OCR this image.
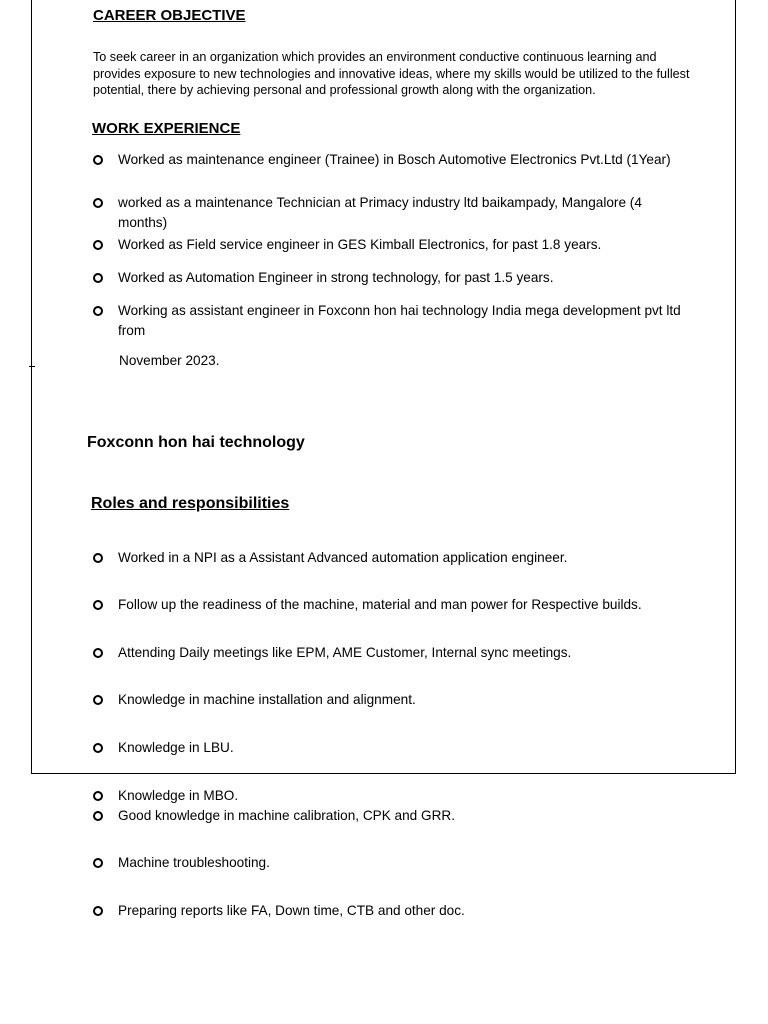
CAREER OBJECTIVE
To seek career in an organization which provides an environment conductive continuous learning and provides exposure to new technologies and innovative ideas, where my skills would be utilized to the fullest potential, there by achieving personal and professional growth along with the organization.
WORK EXPERIENCE
Worked as maintenance engineer (Trainee) in Bosch Automotive Electronics Pvt.Ltd (1Year)
worked as a maintenance Technician at Primacy industry ltd baikampady, Mangalore (4 months)
Worked as Field service engineer in GES Kimball Electronics, for past 1.8 years.
Worked as Automation Engineer in strong technology, for past 1.5 years.
Working as assistant engineer in Foxconn hon hai technology India mega development pvt ltd from
November 2023.
Foxconn hon hai technology
Roles and responsibilities
Worked in a NPI as a Assistant Advanced automation application engineer.
Follow up the readiness of the machine, material and man power for Respective builds.
Attending Daily meetings like EPM, AME Customer, Internal sync meetings.
Knowledge in machine installation and alignment.
Knowledge in LBU.
Knowledge in MBO.
Good knowledge in machine calibration, CPK and GRR.
Machine troubleshooting.
Preparing reports like FA, Down time, CTB and other doc.
